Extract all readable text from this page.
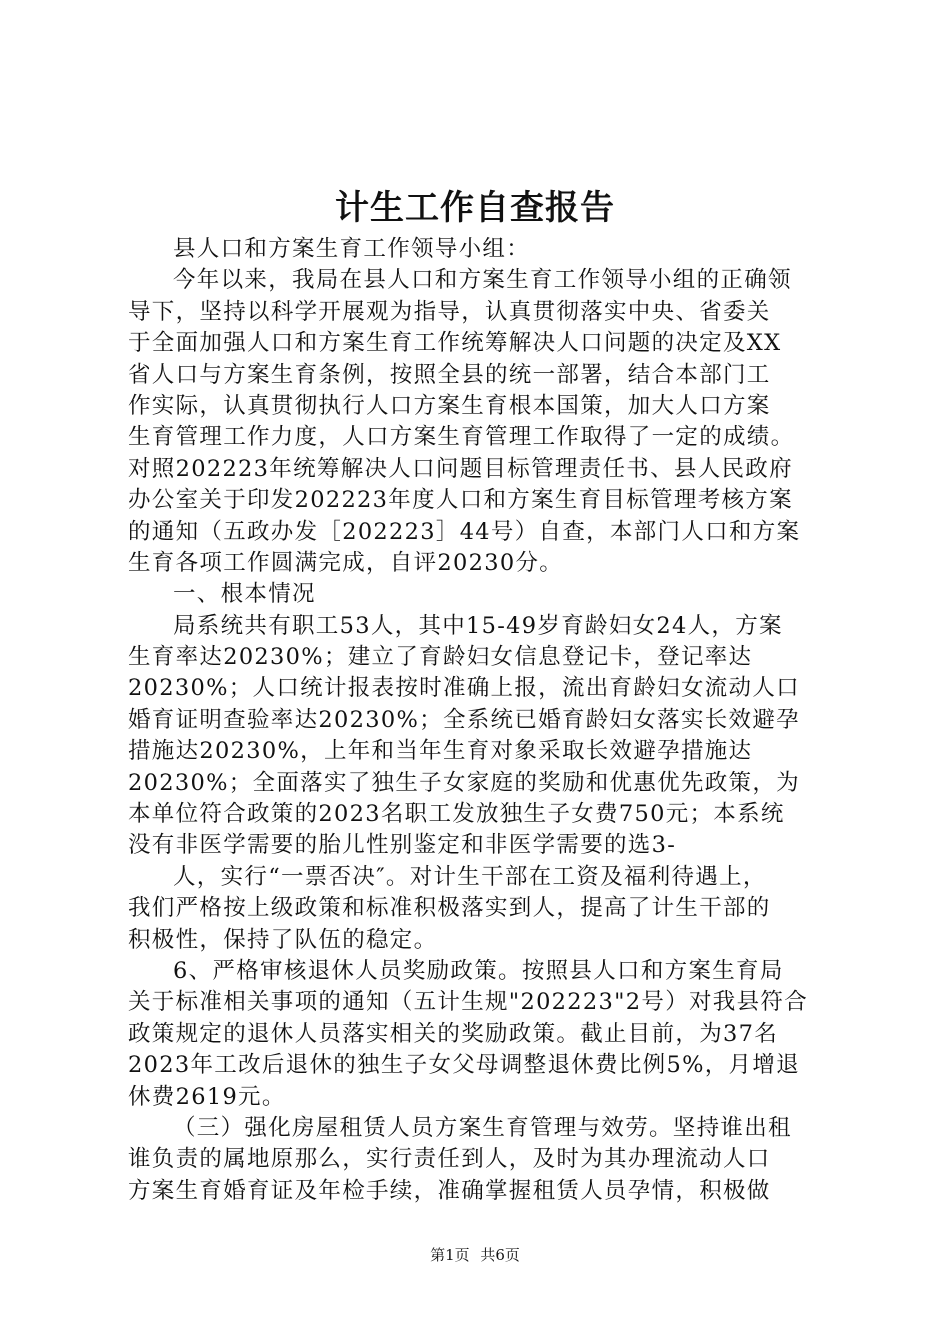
计生工作自查报告
县人口和方案生育工作领导小组：
今年以来，我局在县人口和方案生育工作领导小组的正确领
导下，坚持以科学开展观为指导，认真贯彻落实中央、省委关
于全面加强人口和方案生育工作统筹解决人口问题的决定及XX
省人口与方案生育条例，按照全县的统一部署，结合本部门工
作实际，认真贯彻执行人口方案生育根本国策，加大人口方案
生育管理工作力度，人口方案生育管理工作取得了一定的成绩。
对照202223年统筹解决人口问题目标管理责任书、县人民政府
办公室关于印发202223年度人口和方案生育目标管理考核方案
的通知（五政办发［202223］44号）自查，本部门人口和方案
生育各项工作圆满完成，自评20230分。
一、根本情况
局系统共有职工53人，其中15-49岁育龄妇女24人，方案
生育率达20230%；建立了育龄妇女信息登记卡，登记率达
20230%；人口统计报表按时准确上报，流出育龄妇女流动人口
婚育证明查验率达20230%；全系统已婚育龄妇女落实长效避孕
措施达20230%，上年和当年生育对象采取长效避孕措施达
20230%；全面落实了独生子女家庭的奖励和优惠优先政策，为
本单位符合政策的2023名职工发放独生子女费750元；本系统
没有非医学需要的胎儿性别鉴定和非医学需要的选3-
人，实行“一票否决″。对计生干部在工资及福利待遇上，
我们严格按上级政策和标准积极落实到人，提高了计生干部的
积极性，保持了队伍的稳定。
6、严格审核退休人员奖励政策。按照县人口和方案生育局
关于标准相关事项的通知（五计生规"202223"2号）对我县符合
政策规定的退休人员落实相关的奖励政策。截止目前，为37名
2023年工改后退休的独生子女父母调整退休费比例5%，月增退
休费2619元。
（三）强化房屋租赁人员方案生育管理与效劳。坚持谁出租
谁负责的属地原那么，实行责任到人，及时为其办理流动人口
方案生育婚育证及年检手续，准确掌握租赁人员孕情，积极做
第1页 共6页
